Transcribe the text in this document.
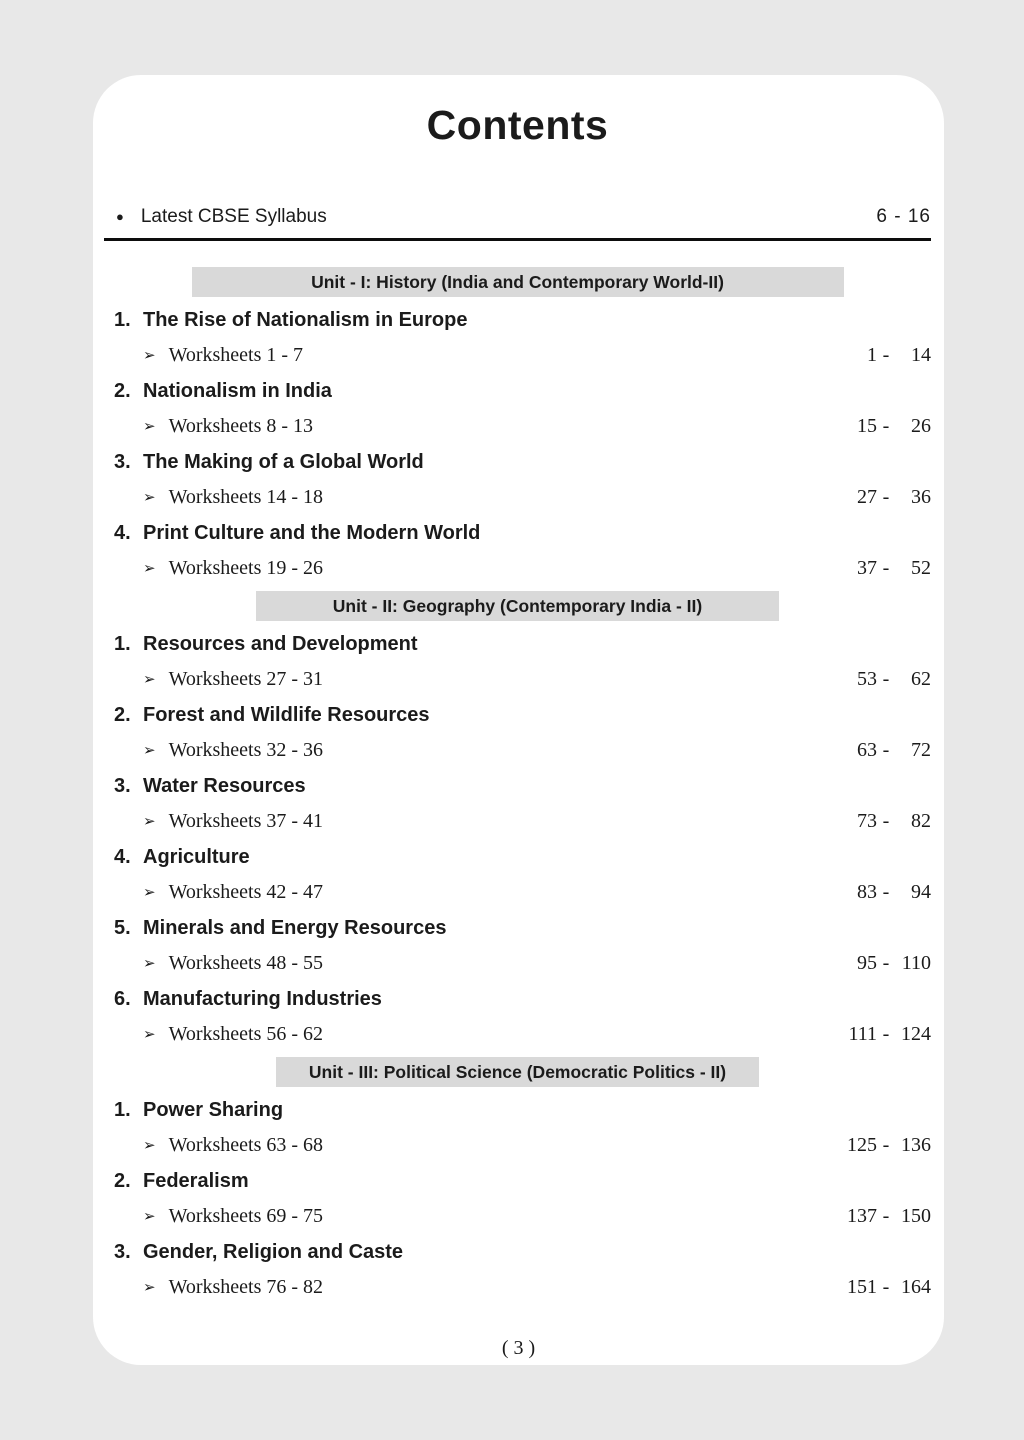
Contents
● Latest CBSE Syllabus	6 - 16
Unit - I: History (India and Contemporary World-II)
1. The Rise of Nationalism in Europe
➢ Worksheets 1 - 7	1 -	14
2. Nationalism in India
➢ Worksheets 8 - 13	15 -	26
3. The Making of a Global World
➢ Worksheets 14 - 18	27 -	36
4. Print Culture and the Modern World
➢ Worksheets 19 - 26	37 -	52
Unit - II: Geography (Contemporary India - II)
1. Resources and Development
➢ Worksheets 27 - 31	53 -	62
2. Forest and Wildlife Resources
➢ Worksheets 32 - 36	63 -	72
3. Water Resources
➢ Worksheets 37 - 41	73 -	82
4. Agriculture
➢ Worksheets 42 - 47	83 -	94
5. Minerals and Energy Resources
➢ Worksheets 48 - 55	95 - 110
6. Manufacturing Industries
➢ Worksheets 56 - 62	111 - 124
Unit - III: Political Science (Democratic Politics - II)
1. Power Sharing
➢ Worksheets 63 - 68	125 - 136
2. Federalism
➢ Worksheets 69 - 75	137 - 150
3. Gender, Religion and Caste
➢ Worksheets 76 - 82	151 - 164
( 3 )
